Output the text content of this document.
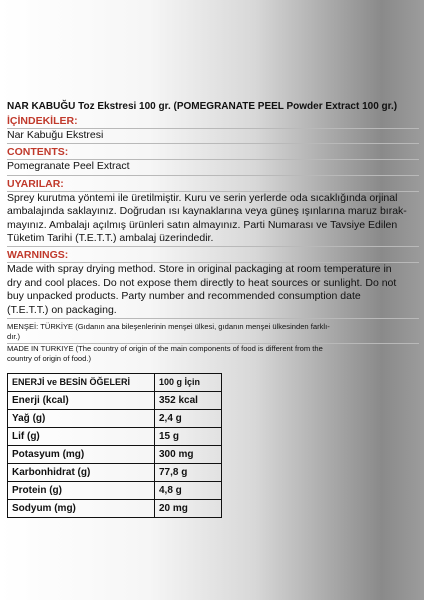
NAR KABUĞU Toz Ekstresi 100 gr. (POMEGRANATE PEEL Powder Extract 100 gr.)
İÇİNDEKİLER:
Nar Kabuğu Ekstresi
CONTENTS:
Pomegranate Peel Extract
UYARILAR:
Sprey kurutma yöntemi ile üretilmiştir. Kuru ve serin yerlerde oda sıcaklığında orjinal
ambalajında saklayınız. Doğrudan ısı kaynaklarına veya güneş ışınlarına maruz bırak-
mayınız. Ambalajı açılmış ürünleri satın almayınız. Parti Numarası ve Tavsiye Edilen
Tüketim Tarihi (T.E.T.T.) ambalaj üzerindedir.
WARNINGS:
Made with spray drying method. Store in original packaging at room temperature in
dry and cool places. Do not expose them directly to heat sources or sunlight. Do not
buy unpacked products. Party number and recommended consumption date
(T.E.T.T.) on packaging.
MENŞEİ: TÜRKİYE (Gıdanın ana bileşenlerinin menşei ülkesi, gıdanın menşei ülkesinden farklı-
dır.)
MADE IN TURKIYE (The country of origin of the main components of food is different from the
country of origin of food.)
ENERJİ ve BESİN ÖĞELERİ	100 g İçin
Enerji (kcal)	352 kcal
Yağ (g)	2,4 g
Lif (g)	15 g
Potasyum (mg)	300 mg
Karbonhidrat (g)	77,8 g
Protein (g)	4,8 g
Sodyum (mg)	20 mg
